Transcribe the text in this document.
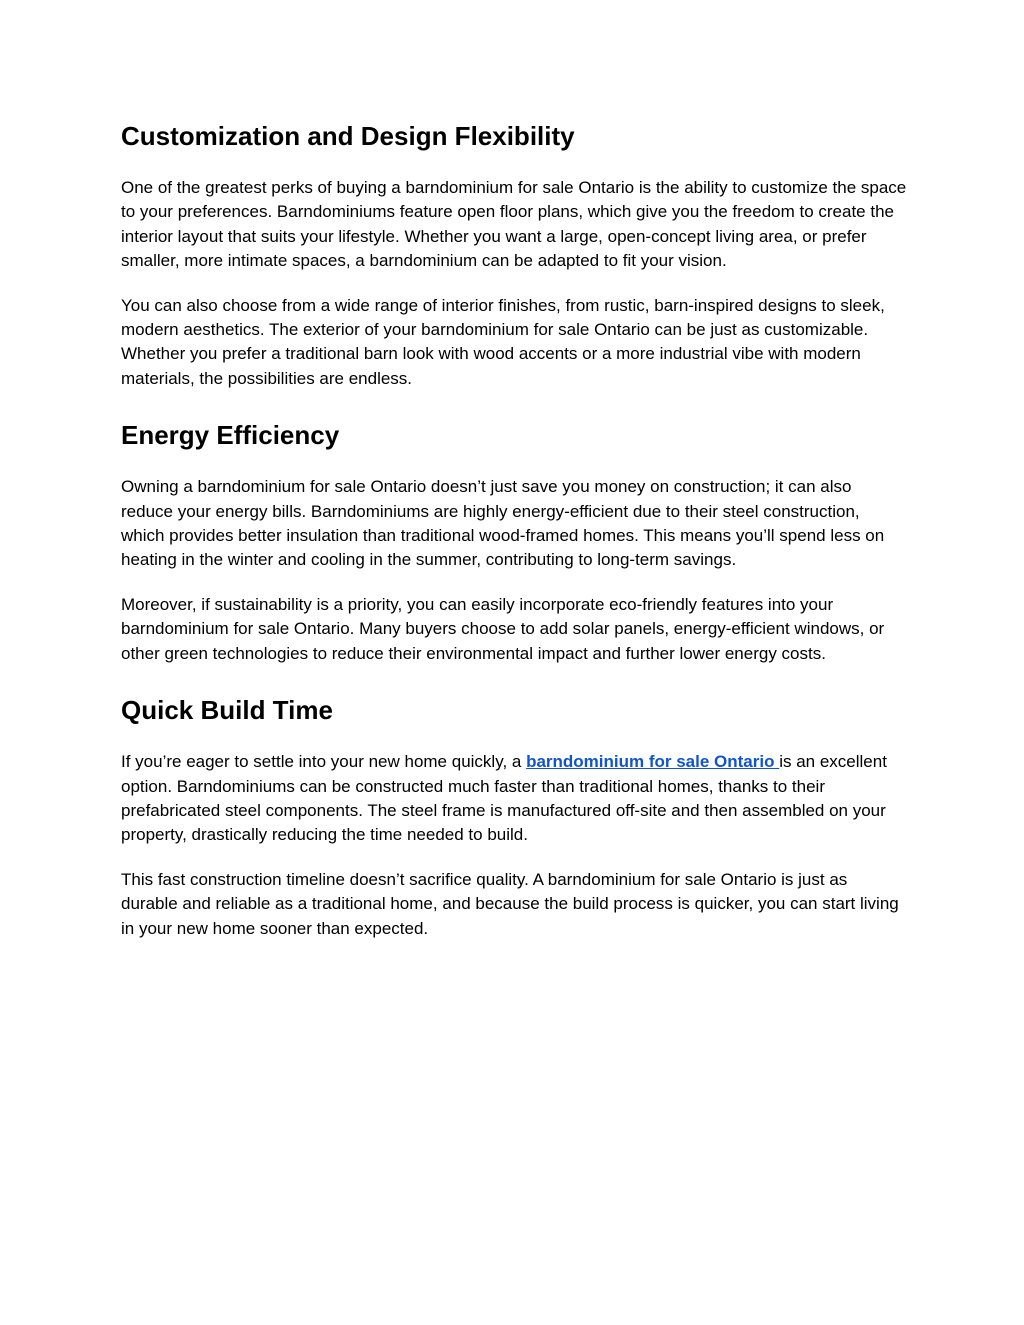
Customization and Design Flexibility

One of the greatest perks of buying a barndominium for sale Ontario is the ability to customize the space to your preferences. Barndominiums feature open floor plans, which give you the freedom to create the interior layout that suits your lifestyle. Whether you want a large, open-concept living area, or prefer smaller, more intimate spaces, a barndominium can be adapted to fit your vision.

You can also choose from a wide range of interior finishes, from rustic, barn-inspired designs to sleek, modern aesthetics. The exterior of your barndominium for sale Ontario can be just as customizable. Whether you prefer a traditional barn look with wood accents or a more industrial vibe with modern materials, the possibilities are endless.

Energy Efficiency

Owning a barndominium for sale Ontario doesn’t just save you money on construction; it can also reduce your energy bills. Barndominiums are highly energy-efficient due to their steel construction, which provides better insulation than traditional wood-framed homes. This means you’ll spend less on heating in the winter and cooling in the summer, contributing to long-term savings.

Moreover, if sustainability is a priority, you can easily incorporate eco-friendly features into your barndominium for sale Ontario. Many buyers choose to add solar panels, energy-efficient windows, or other green technologies to reduce their environmental impact and further lower energy costs.

Quick Build Time

If you’re eager to settle into your new home quickly, a barndominium for sale Ontario is an excellent option. Barndominiums can be constructed much faster than traditional homes, thanks to their prefabricated steel components. The steel frame is manufactured off-site and then assembled on your property, drastically reducing the time needed to build.

This fast construction timeline doesn’t sacrifice quality. A barndominium for sale Ontario is just as durable and reliable as a traditional home, and because the build process is quicker, you can start living in your new home sooner than expected.
